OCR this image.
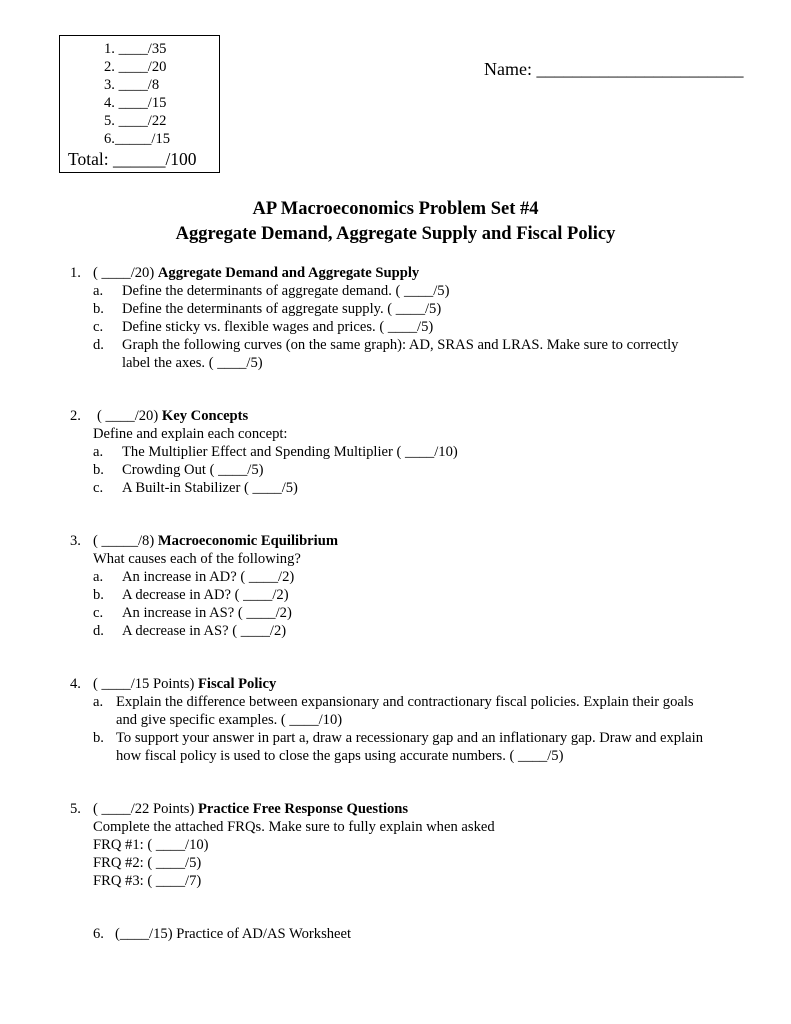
1. ____/35
2. ____/20
3. ____/8
4. ____/15
5. ____/22
6._____/15
Total: ______/100
Name: _______________________
AP Macroeconomics Problem Set #4
Aggregate Demand, Aggregate Supply and Fiscal Policy
1. ( ____/20) Aggregate Demand and Aggregate Supply
a. Define the determinants of aggregate demand. ( ____/5)
b. Define the determinants of aggregate supply. ( ____/5)
c. Define sticky vs. flexible wages and prices. ( ____/5)
d. Graph the following curves (on the same graph): AD, SRAS and LRAS. Make sure to correctly
label the axes. ( ____/5)
2. ( ____/20) Key Concepts
Define and explain each concept:
a. The Multiplier Effect and Spending Multiplier ( ____/10)
b. Crowding Out ( ____/5)
c. A Built-in Stabilizer ( ____/5)
3. ( _____/8) Macroeconomic Equilibrium
What causes each of the following?
a. An increase in AD? ( ____/2)
b. A decrease in AD? ( ____/2)
c. An increase in AS? ( ____/2)
d. A decrease in AS? ( ____/2)
4. ( ____/15 Points) Fiscal Policy
a. Explain the difference between expansionary and contractionary fiscal policies. Explain their goals
and give specific examples. ( ____/10)
b. To support your answer in part a, draw a recessionary gap and an inflationary gap. Draw and explain
how fiscal policy is used to close the gaps using accurate numbers. ( ____/5)
5. ( ____/22 Points) Practice Free Response Questions
Complete the attached FRQs. Make sure to fully explain when asked
FRQ #1: ( ____/10)
FRQ #2: ( ____/5)
FRQ #3: ( ____/7)
6. (____/15) Practice of AD/AS Worksheet
